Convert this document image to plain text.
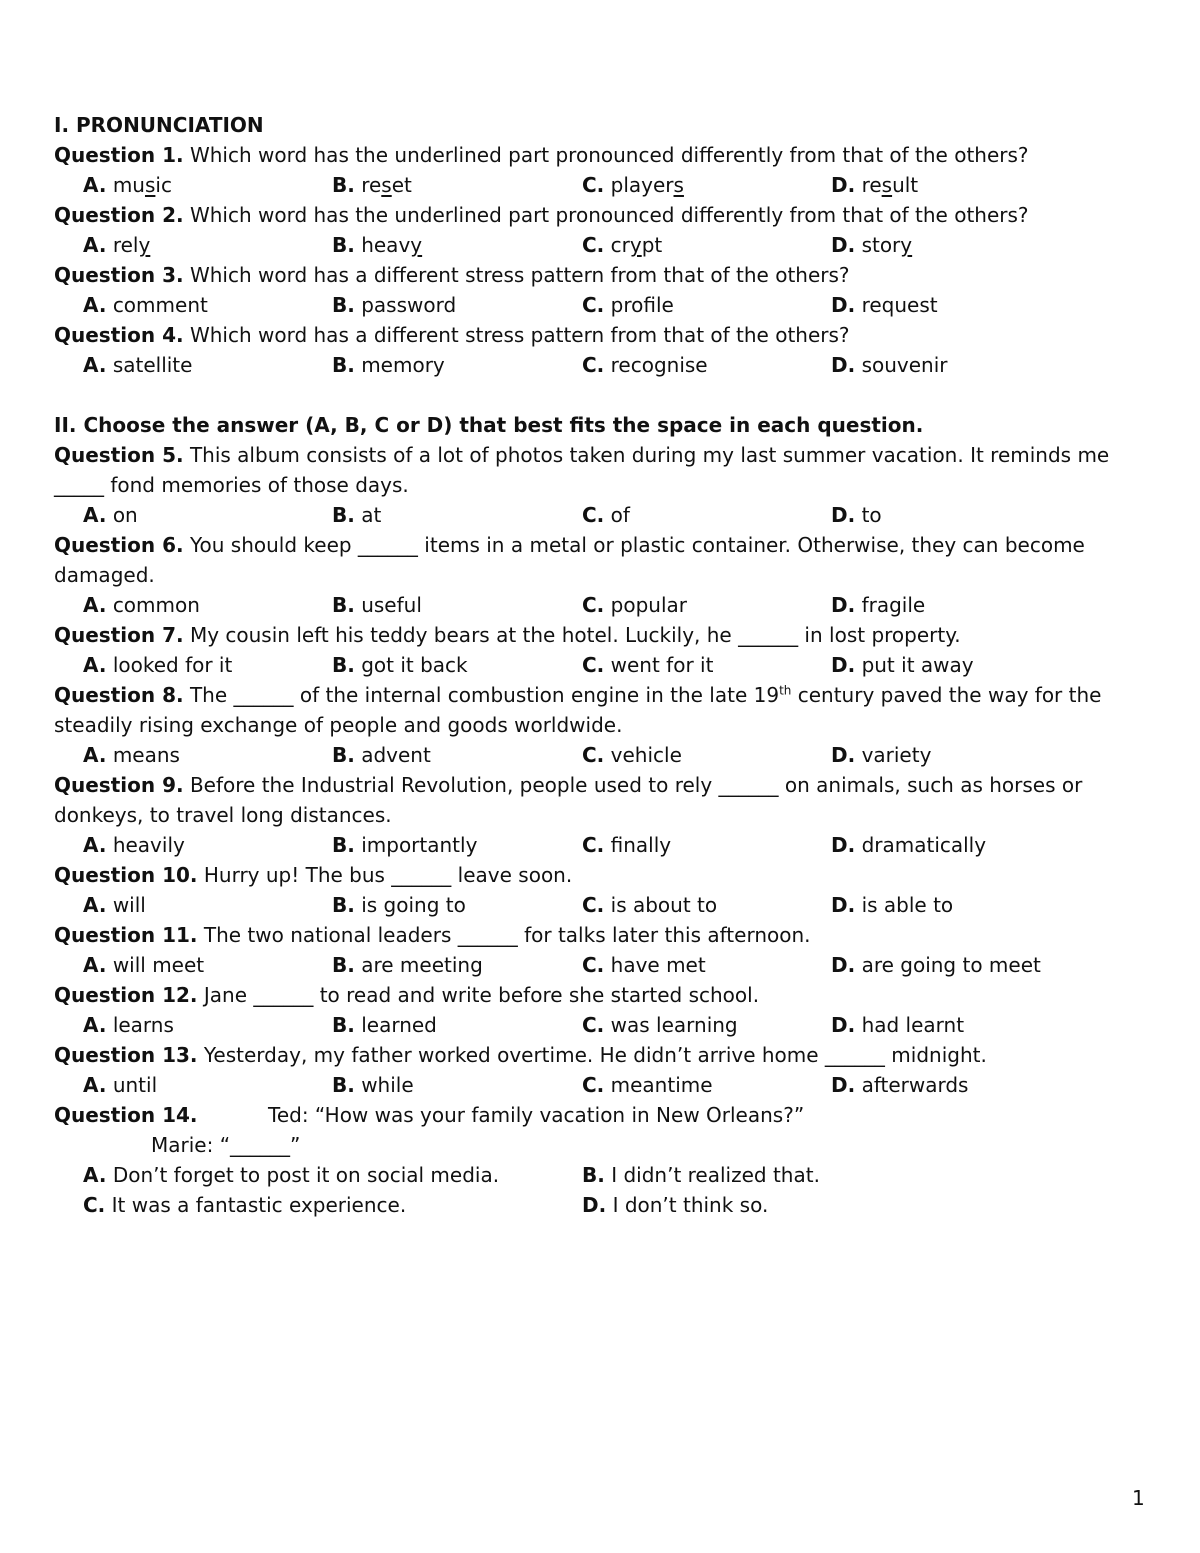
I. PRONUNCIATION
Question 1. Which word has the underlined part pronounced differently from that of the others?
A. music	B. reset	C. players	D. result
Question 2. Which word has the underlined part pronounced differently from that of the others?
A. rely	B. heavy	C. crypt	D. story
Question 3. Which word has a different stress pattern from that of the others?
A. comment	B. password	C. profile	D. request
Question 4. Which word has a different stress pattern from that of the others?
A. satellite	B. memory	C. recognise	D. souvenir
II. Choose the answer (A, B, C or D) that best fits the space in each question.
Question 5. This album consists of a lot of photos taken during my last summer vacation. It reminds me _____ fond memories of those days.
A. on	B. at	C. of	D. to
Question 6. You should keep ______ items in a metal or plastic container. Otherwise, they can become damaged.
A. common	B. useful	C. popular	D. fragile
Question 7. My cousin left his teddy bears at the hotel. Luckily, he ______ in lost property.
A. looked for it	B. got it back	C. went for it	D. put it away
Question 8. The ______ of the internal combustion engine in the late 19th century paved the way for the steadily rising exchange of people and goods worldwide.
A. means	B. advent	C. vehicle	D. variety
Question 9. Before the Industrial Revolution, people used to rely ______ on animals, such as horses or donkeys, to travel long distances.
A. heavily	B. importantly	C. finally	D. dramatically
Question 10. Hurry up! The bus ______ leave soon.
A. will	B. is going to	C. is about to	D. is able to
Question 11. The two national leaders ______ for talks later this afternoon.
A. will meet	B. are meeting	C. have met	D. are going to meet
Question 12. Jane ______ to read and write before she started school.
A. learns	B. learned	C. was learning	D. had learnt
Question 13. Yesterday, my father worked overtime. He didn’t arrive home ______ midnight.
A. until	B. while	C. meantime	D. afterwards
Question 14.	Ted: “How was your family vacation in New Orleans?”
Marie: “______”
A. Don’t forget to post it on social media.	B. I didn’t realized that.
C. It was a fantastic experience.	D. I don’t think so.
1
